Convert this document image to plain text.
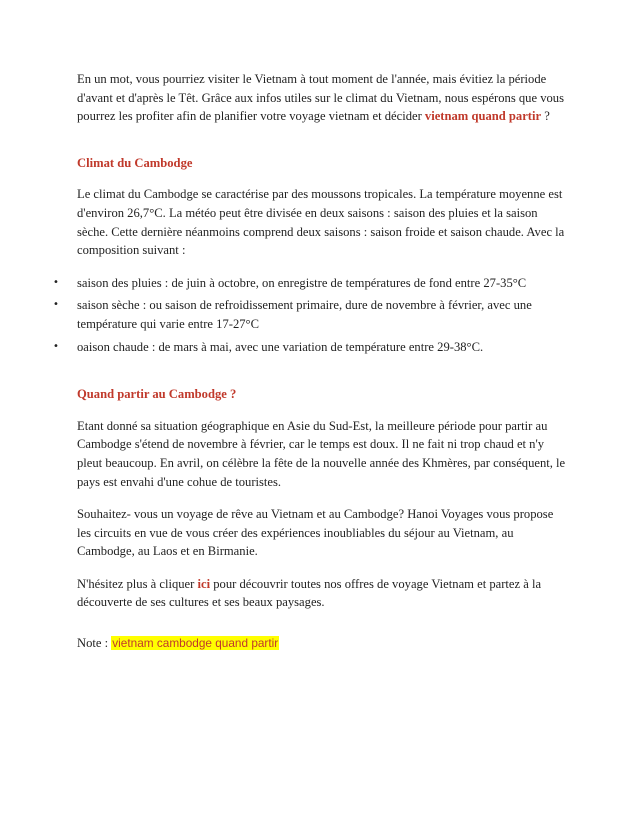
En un mot, vous pourriez visiter le Vietnam à tout moment de l'année, mais évitiez la période d'avant et d'après le Têt. Grâce aux infos utiles sur le climat du Vietnam, nous espérons que vous pourrez les profiter afin de planifier votre voyage vietnam et décider vietnam quand partir ?

Climat du Cambodge

Le climat du Cambodge se caractérise par des moussons tropicales. La température moyenne est d'environ 26,7°C. La météo peut être divisée en deux saisons : saison des pluies et la saison sèche. Cette dernière néanmoins comprend deux saisons : saison froide et saison chaude. Avec la composition suivant :

• saison des pluies : de juin à octobre, on enregistre de températures de fond entre 27-35°C
• saison sèche : ou saison de refroidissement primaire, dure de novembre à février, avec une température qui varie entre 17-27°C
• oaison chaude : de mars à mai, avec une variation de température entre 29-38°C.

Quand partir au Cambodge ?

Etant donné sa situation géographique en Asie du Sud-Est, la meilleure période pour partir au Cambodge s'étend de novembre à février, car le temps est doux. Il ne fait ni trop chaud et n'y pleut beaucoup. En avril, on célèbre la fête de la nouvelle année des Khmères, par conséquent, le pays est envahi d'une cohue de touristes.

Souhaitez- vous un voyage de rêve au Vietnam et au Cambodge? Hanoi Voyages vous propose les circuits en vue de vous créer des expériences inoubliables du séjour au Vietnam, au Cambodge, au Laos et en Birmanie.

N'hésitez plus à cliquer ici pour découvrir toutes nos offres de voyage Vietnam et partez à la découverte de ses cultures et ses beaux paysages.

Note : vietnam cambodge quand partir
